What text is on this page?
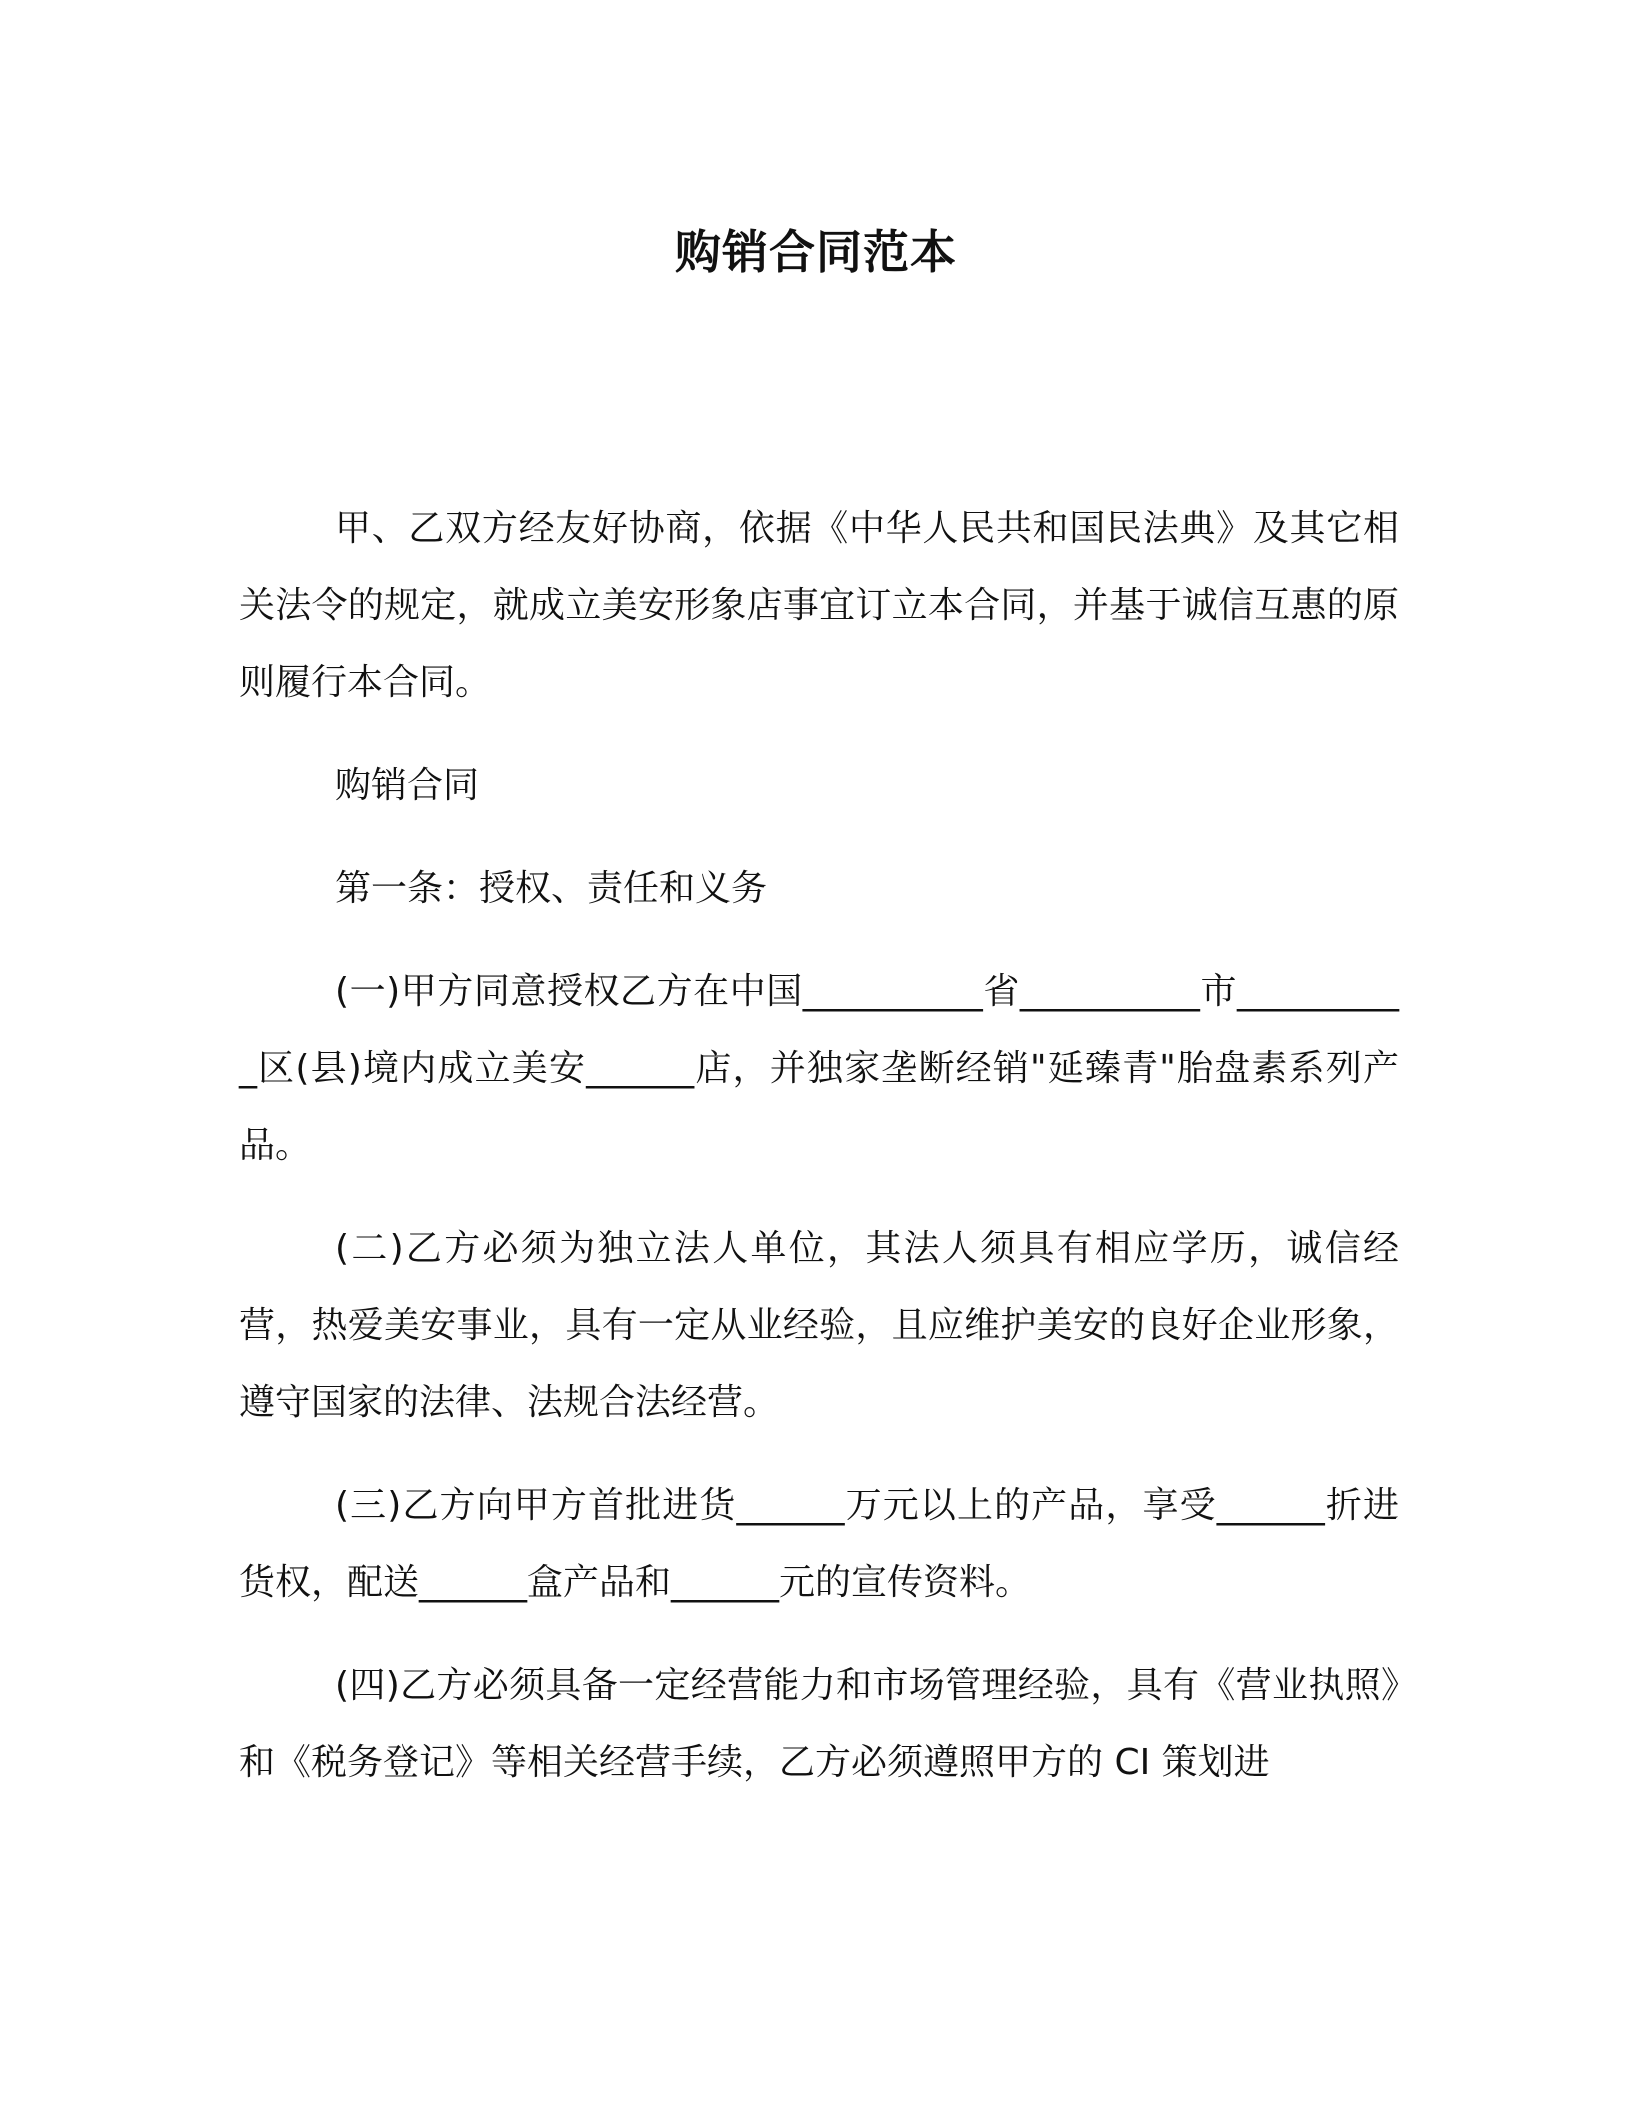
购销合同范本

甲、乙双方经友好协商，依据《中华人民共和国民法典》及其它相关法令的规定，就成立美安形象店事宜订立本合同，并基于诚信互惠的原则履行本合同。

购销合同

第一条：授权、责任和义务

(一)甲方同意授权乙方在中国__________省__________市__________区(县)境内成立美安______店，并独家垄断经销"延臻青"胎盘素系列产品。

(二)乙方必须为独立法人单位，其法人须具有相应学历，诚信经营，热爱美安事业，具有一定从业经验，且应维护美安的良好企业形象，遵守国家的法律、法规合法经营。

(三)乙方向甲方首批进货______万元以上的产品，享受______折进货权，配送______盒产品和______元的宣传资料。

(四)乙方必须具备一定经营能力和市场管理经验，具有《营业执照》和《税务登记》等相关经营手续，乙方必须遵照甲方的 CI 策划进
